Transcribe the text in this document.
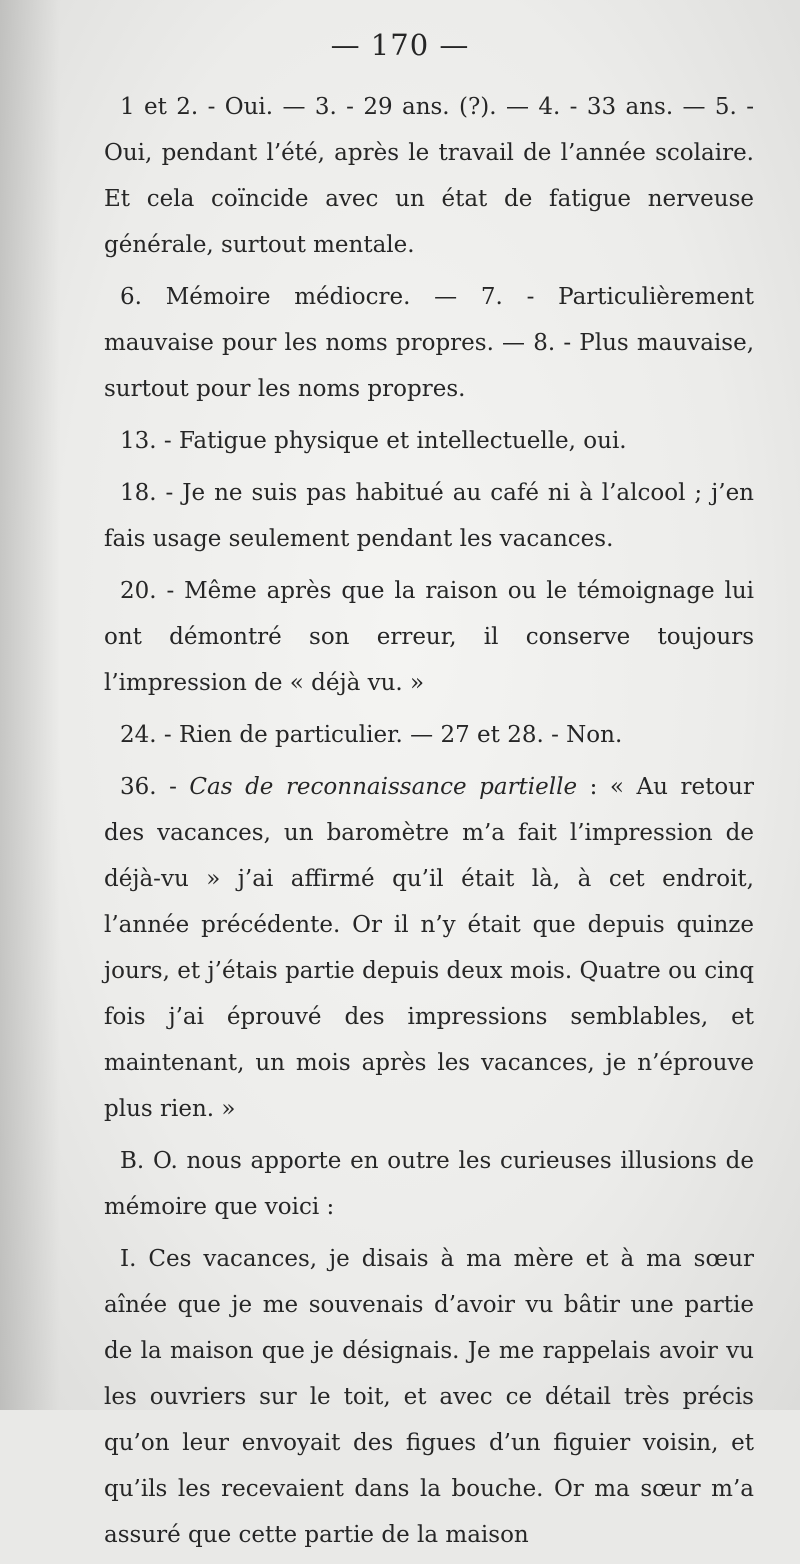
— 170 —

1 et 2. - Oui. — 3. - 29 ans. (?). — 4. - 33 ans. — 5. - Oui, pendant l’été, après le travail de l’année scolaire. Et cela coïncide avec un état de fatigue nerveuse générale, surtout mentale.

6. Mémoire médiocre. — 7. - Particulièrement mauvaise pour les noms propres. — 8. - Plus mauvaise, surtout pour les noms propres.

13. - Fatigue physique et intellectuelle, oui.

18. - Je ne suis pas habitué au café ni à l’alcool ; j’en fais usage seulement pendant les vacances.

20. - Même après que la raison ou le témoignage lui ont démontré son erreur, il conserve toujours l’impression de « déjà vu. »

24. - Rien de particulier. — 27 et 28. - Non.

36. - Cas de reconnaissance partielle : « Au retour des vacances, un baromètre m’a fait l’impression de déjà-vu » j’ai affirmé qu’il était là, à cet endroit, l’année précédente. Or il n’y était que depuis quinze jours, et j’étais partie depuis deux mois. Quatre ou cinq fois j’ai éprouvé des impressions semblables, et maintenant, un mois après les vacances, je n’éprouve plus rien. »

B. O. nous apporte en outre les curieuses illusions de mémoire que voici :

I. Ces vacances, je disais à ma mère et à ma sœur aînée que je me souvenais d’avoir vu bâtir une partie de la maison que je désignais. Je me rappelais avoir vu les ouvriers sur le toit, et avec ce détail très précis qu’on leur envoyait des figues d’un figuier voisin, et qu’ils les recevaient dans la bouche. Or ma sœur m’a assuré que cette partie de la maison
